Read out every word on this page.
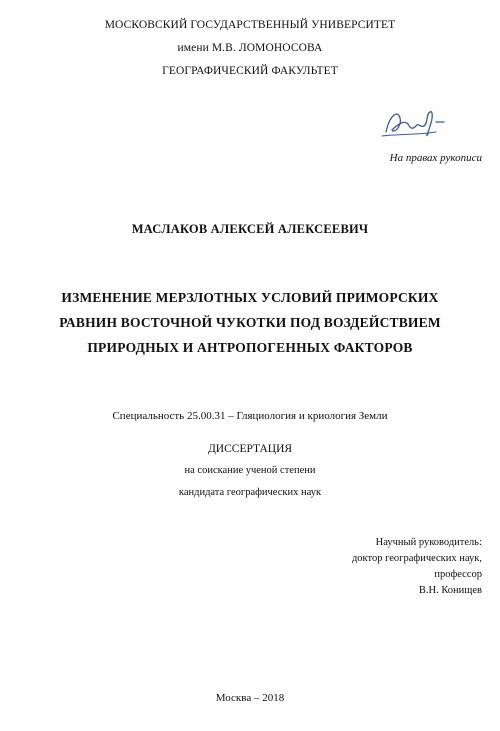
МОСКОВСКИЙ ГОСУДАРСТВЕННЫЙ УНИВЕРСИТЕТ
имени М.В. ЛОМОНОСОВА
ГЕОГРАФИЧЕСКИЙ ФАКУЛЬТЕТ
На правах рукописи
МАСЛАКОВ АЛЕКСЕЙ АЛЕКСЕЕВИЧ
ИЗМЕНЕНИЕ МЕРЗЛОТНЫХ УСЛОВИЙ ПРИМОРСКИХ
РАВНИН ВОСТОЧНОЙ ЧУКОТКИ ПОД ВОЗДЕЙСТВИЕМ
ПРИРОДНЫХ И АНТРОПОГЕННЫХ ФАКТОРОВ
Специальность 25.00.31 – Гляциология и криология Земли
ДИССЕРТАЦИЯ
на соискание ученой степени
кандидата географических наук
Научный руководитель:
доктор географических наук,
профессор
В.Н. Конищев
Москва – 2018
